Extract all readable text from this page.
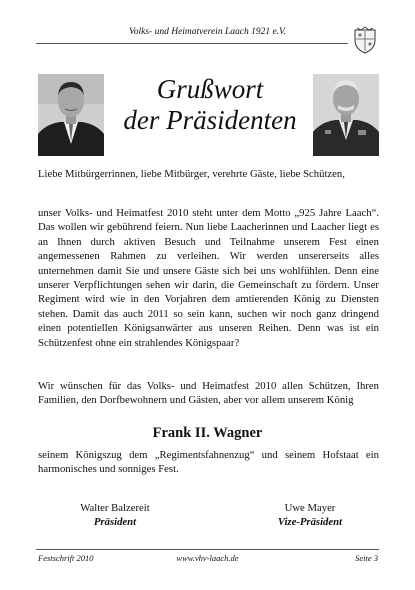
Volks- und Heimatverein Laach 1921 e.V.
Grußwort
der Präsidenten
Liebe Mitbürgerrinnen, liebe Mitbürger, verehrte Gäste, liebe Schützen,
unser Volks- und Heimatfest 2010 steht unter dem Motto „925 Jahre Laach“. Das wollen wir gebührend feiern. Nun liebe Laacherinnen und Laacher liegt es an Ihnen durch aktiven Besuch und Teilnahme unserem Fest einen angemessenen Rahmen zu verleihen. Wir werden unsererseits alles unternehmen damit Sie und unsere Gäste sich bei uns wohlfühlen. Denn eine unserer Verpflichtungen sehen wir darin, die Gemeinschaft zu fördern. Unser Regiment wird wie in den Vorjahren dem amtierenden König zu Diensten stehen. Damit das auch 2011 so sein kann, suchen wir noch ganz dringend einen potentiellen Königsanwärter aus unseren Reihen. Denn was ist ein Schützenfest ohne ein strahlendes Königspaar?
Wir wünschen für das Volks- und Heimatfest 2010 allen Schützen, Ihren Familien, den Dorfbewohnern und Gästen, aber vor allem unserem König
Frank II. Wagner
seinem Königszug dem „Regimentsfahnenzug“ und seinem Hofstaat ein harmonisches und sonniges Fest.
Walter Balzereit
Präsident
Uwe Mayer
Vize-Präsident
Festschrift 2010	www.vhv-laach.de	Seite 3
